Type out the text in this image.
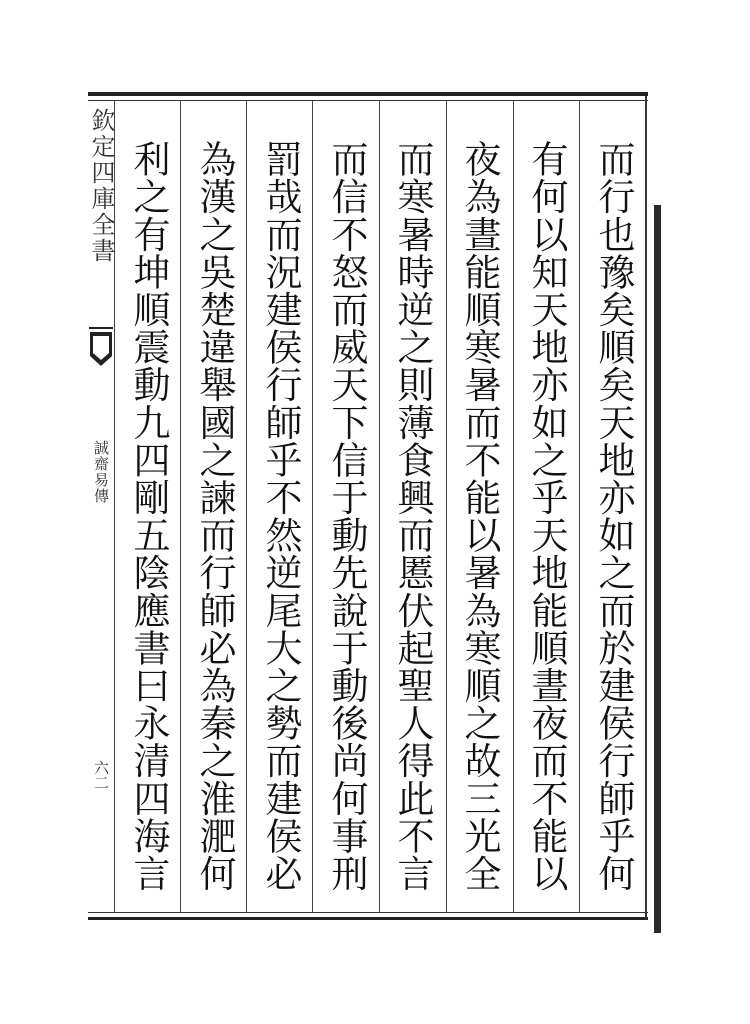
欽定四庫全書
誠齋易傳
六二	而行也豫矣順矣天地亦如之而於建侯行師乎何
有何以知天地亦如之乎天地能順晝夜而不能以
夜為晝能順寒暑而不能以暑為寒順之故三光全
而寒暑時逆之則薄食興而慝伏起聖人得此不言
而信不怒而威天下信于動先說于動後尚何事刑
罰哉而況建侯行師乎不然逆尾大之勢而建侯必
為漢之吳楚違舉國之諫而行師必為秦之淮淝何
利之有坤順震動九四剛五陰應書曰永清四海言
